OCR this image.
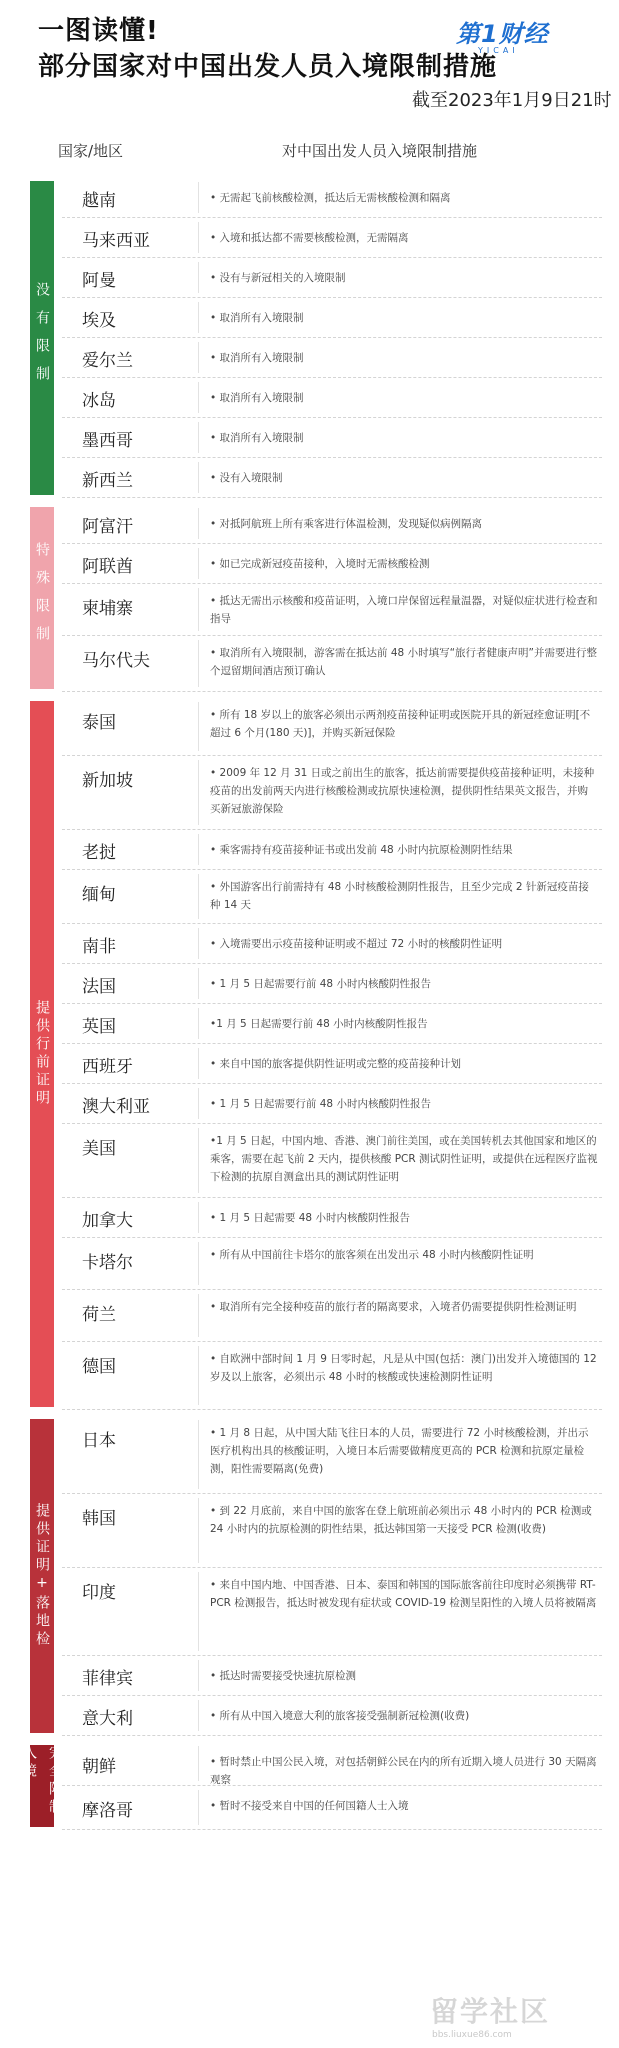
一图读懂!
部分国家对中国出发人员入境限制措施
第1财经
YICAI
截至2023年1月9日21时
国家/地区	对中国出发人员入境限制措施
没有限制
特殊限制
提供行前证明
提供证明+落地检
完全限制入境
越南	• 无需起飞前核酸检测，抵达后无需核酸检测和隔离
马来西亚	• 入境和抵达都不需要核酸检测，无需隔离
阿曼	• 没有与新冠相关的入境限制
埃及	• 取消所有入境限制
爱尔兰	• 取消所有入境限制
冰岛	• 取消所有入境限制
墨西哥	• 取消所有入境限制
新西兰	• 没有入境限制
阿富汗	• 对抵阿航班上所有乘客进行体温检测，发现疑似病例隔离
阿联酋	• 如已完成新冠疫苗接种，入境时无需核酸检测
柬埔寨	• 抵达无需出示核酸和疫苗证明，入境口岸保留远程量温器，对疑似症状进行检查和指导
马尔代夫	• 取消所有入境限制，游客需在抵达前 48 小时填写“旅行者健康声明”并需要进行整个逗留期间酒店预订确认
泰国	• 所有 18 岁以上的旅客必须出示两剂疫苗接种证明或医院开具的新冠痊愈证明[不超过 6 个月(180 天)]，并购买新冠保险
新加坡	• 2009 年 12 月 31 日或之前出生的旅客，抵达前需要提供疫苗接种证明，未接种疫苗的出发前两天内进行核酸检测或抗原快速检测，提供阴性结果英文报告，并购买新冠旅游保险
老挝	• 乘客需持有疫苗接种证书或出发前 48 小时内抗原检测阴性结果
缅甸	• 外国游客出行前需持有 48 小时核酸检测阴性报告，且至少完成 2 针新冠疫苗接种 14 天
南非	• 入境需要出示疫苗接种证明或不超过 72 小时的核酸阴性证明
法国	• 1 月 5 日起需要行前 48 小时内核酸阴性报告
英国	•1 月 5 日起需要行前 48 小时内核酸阴性报告
西班牙	• 来自中国的旅客提供阴性证明或完整的疫苗接种计划
澳大利亚	• 1 月 5 日起需要行前 48 小时内核酸阴性报告
美国	•1 月 5 日起，中国内地、香港、澳门前往美国，或在美国转机去其他国家和地区的乘客，需要在起飞前 2 天内，提供核酸 PCR 测试阴性证明，或提供在远程医疗监视下检测的抗原自测盒出具的测试阴性证明
加拿大	• 1 月 5 日起需要 48 小时内核酸阴性报告
卡塔尔	• 所有从中国前往卡塔尔的旅客须在出发出示 48 小时内核酸阴性证明
荷兰	• 取消所有完全接种疫苗的旅行者的隔离要求，入境者仍需要提供阴性检测证明
德国	• 自欧洲中部时间 1 月 9 日零时起，凡是从中国(包括：澳门)出发并入境德国的 12 岁及以上旅客，必须出示 48 小时的核酸或快速检测阴性证明
日本	• 1 月 8 日起，从中国大陆飞往日本的人员，需要进行 72 小时核酸检测，并出示医疗机构出具的核酸证明，入境日本后需要做精度更高的 PCR 检测和抗原定量检测，阳性需要隔离(免费)
韩国	• 到 22 月底前，来自中国的旅客在登上航班前必须出示 48 小时内的 PCR 检测或 24 小时内的抗原检测的阴性结果，抵达韩国第一天接受 PCR 检测(收费)
印度	• 来自中国内地、中国香港、日本、泰国和韩国的国际旅客前往印度时必须携带 RT-PCR 检测报告，抵达时被发现有症状或 COVID-19 检测呈阳性的入境人员将被隔离
菲律宾	• 抵达时需要接受快速抗原检测
意大利	• 所有从中国入境意大利的旅客接受强制新冠检测(收费)
朝鲜	• 暂时禁止中国公民入境，对包括朝鲜公民在内的所有近期入境人员进行 30 天隔离观察
摩洛哥	• 暂时不接受来自中国的任何国籍人士入境
留学社区
bbs.liuxue86.com
